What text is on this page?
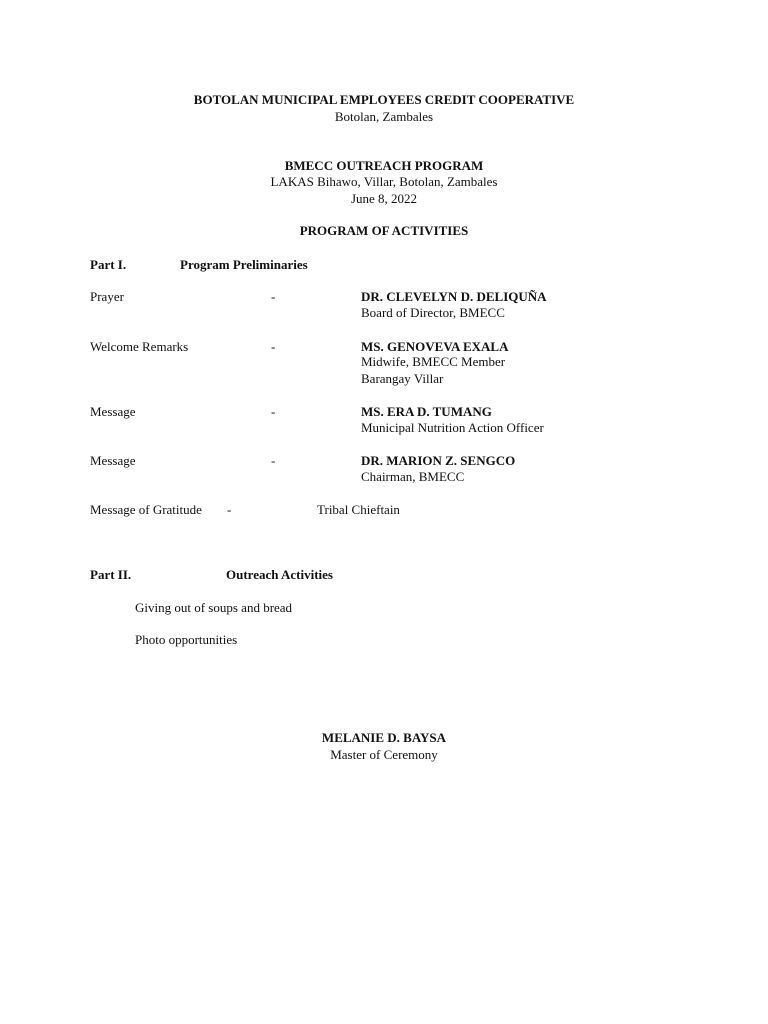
BOTOLAN MUNICIPAL EMPLOYEES CREDIT COOPERATIVE
Botolan, Zambales
BMECC OUTREACH PROGRAM
LAKAS Bihawo, Villar, Botolan, Zambales
June 8, 2022
PROGRAM OF ACTIVITIES
Part I.	Program Preliminaries
Prayer	-	DR. CLEVELYN D. DELIQUÑA
Board of Director, BMECC
Welcome Remarks	-	MS. GENOVEVA EXALA
Midwife, BMECC Member
Barangay Villar
Message	-	MS. ERA D. TUMANG
Municipal Nutrition Action Officer
Message	-	DR. MARION Z. SENGCO
Chairman, BMECC
Message of Gratitude -	Tribal Chieftain
Part II.	Outreach Activities
Giving out of soups and bread
Photo opportunities
MELANIE D. BAYSA
Master of Ceremony
